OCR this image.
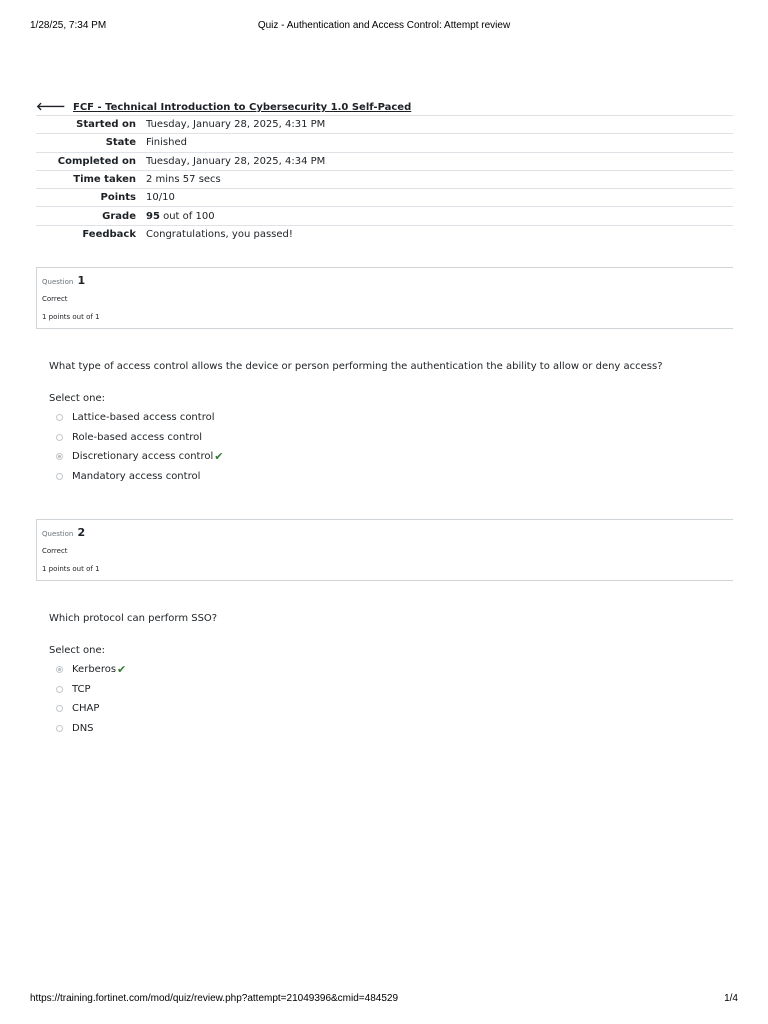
1/28/25, 7:34 PM	Quiz - Authentication and Access Control: Attempt review
🡐 FCF - Technical Introduction to Cybersecurity 1.0 Self-Paced
Started on	Tuesday, January 28, 2025, 4:31 PM
State	Finished
Completed on	Tuesday, January 28, 2025, 4:34 PM
Time taken	2 mins 57 secs
Points	10/10
Grade	95 out of 100
Feedback	Congratulations, you passed!
Question 1
Correct
1 points out of 1
What type of access control allows the device or person performing the authentication the ability to allow or deny access?
Select one:
Lattice-based access control
Role-based access control
Discretionary access control ✔
Mandatory access control
Question 2
Correct
1 points out of 1
Which protocol can perform SSO?
Select one:
Kerberos ✔
TCP
CHAP
DNS
https://training.fortinet.com/mod/quiz/review.php?attempt=21049396&cmid=484529	1/4
